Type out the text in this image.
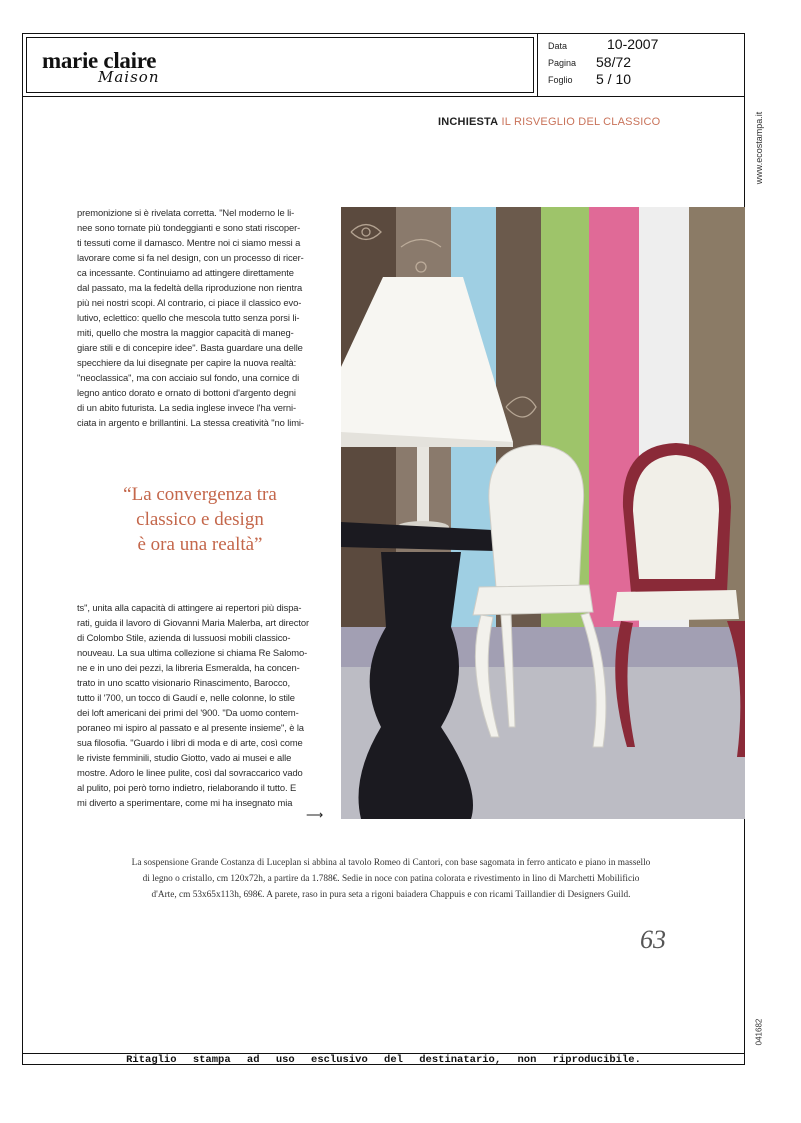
marie claire
Maison
Data	10-2007
Pagina 58/72
Foglio 5 / 10
www.ecostampa.it
041682
INCHIESTA IL RISVEGLIO DEL CLASSICO
premonizione si è rivelata corretta. "Nel moderno le li-
nee sono tornate più tondeggianti e sono stati riscoper-
ti tessuti come il damasco. Mentre noi ci siamo messi a
lavorare come si fa nel design, con un processo di ricer-
ca incessante. Continuiamo ad attingere direttamente
dal passato, ma la fedeltà della riproduzione non rientra
più nei nostri scopi. Al contrario, ci piace il classico evo-
lutivo, eclettico: quello che mescola tutto senza porsi li-
miti, quello che mostra la maggior capacità di maneg-
giare stili e di concepire idee". Basta guardare una delle
specchiere da lui disegnate per capire la nuova realtà:
"neoclassica", ma con acciaio sul fondo, una cornice di
legno antico dorato e ornato di bottoni d'argento degni
di un abito futurista. La sedia inglese invece l'ha verni-
ciata in argento e brillantini. La stessa creatività "no limi-
“La convergenza tra
classico e design
è ora una realtà”
ts", unita alla capacità di attingere ai repertori più dispa-
rati, guida il lavoro di Giovanni Maria Malerba, art director
di Colombo Stile, azienda di lussuosi mobili classico-
nouveau. La sua ultima collezione si chiama Re Salomo-
ne e in uno dei pezzi, la libreria Esmeralda, ha concen-
trato in uno scatto visionario Rinascimento, Barocco,
tutto il '700, un tocco di Gaudí e, nelle colonne, lo stile
dei loft americani dei primi del '900. "Da uomo contem-
poraneo mi ispiro al passato e al presente insieme", è la
sua filosofia. "Guardo i libri di moda e di arte, così come
le riviste femminili, studio Giotto, vado ai musei e alle
mostre. Adoro le linee pulite, così dal sovraccarico vado
al pulito, poi però torno indietro, rielaborando il tutto. E
mi diverto a sperimentare, come mi ha insegnato mia
⟶
La sospensione Grande Costanza di Luceplan si abbina al tavolo Romeo di Cantori, con base sagomata in ferro anticato e piano in massello
di legno o cristallo, cm 120x72h, a partire da 1.788€. Sedie in noce con patina colorata e rivestimento in lino di Marchetti Mobilificio
d'Arte, cm 53x65x113h, 698€. A parete, raso in pura seta a rigoni baiadera Chappuis e con ricami Taillandier di Designers Guild.
63
Ritaglio stampa ad uso esclusivo del destinatario, non riproducibile.
